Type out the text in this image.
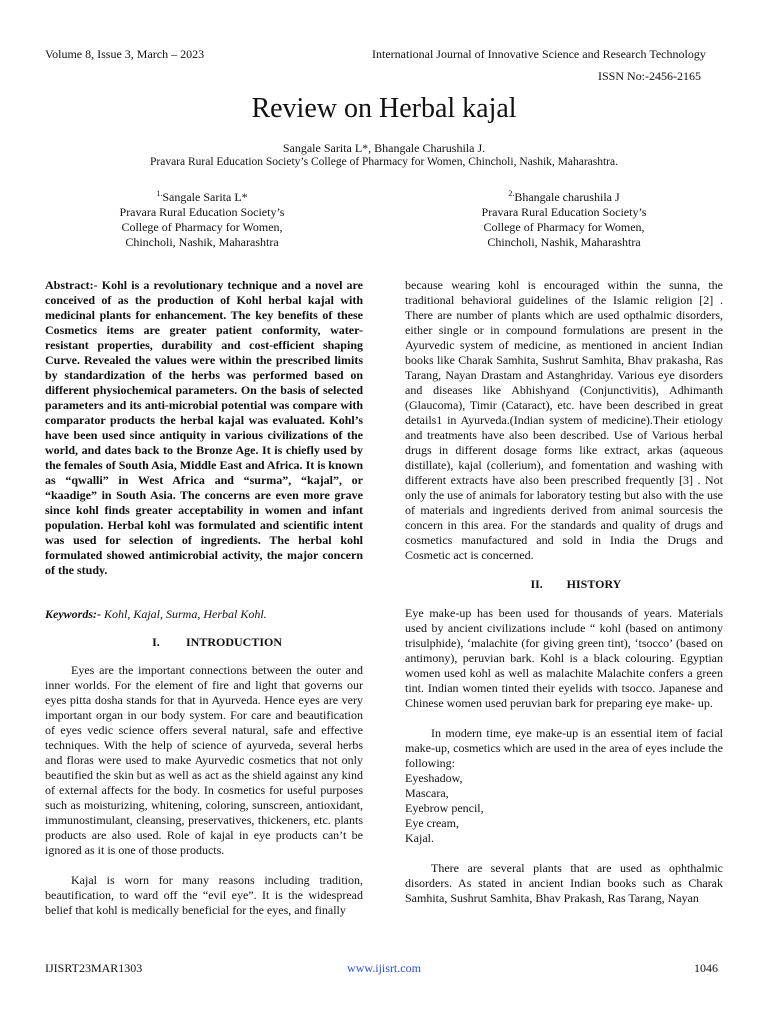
Volume 8, Issue 3, March – 2023	International Journal of Innovative Science and Research Technology
ISSN No:-2456-2165
Review on Herbal kajal
Sangale Sarita L*, Bhangale Charushila J.
Pravara Rural Education Society’s College of Pharmacy for Women, Chincholi, Nashik, Maharashtra.
$^{1.}$Sangale Sarita L*
Pravara Rural Education Society’s
College of Pharmacy for Women,
Chincholi, Nashik, Maharashtra
$^{2.}$Bhangale charushila J
Pravara Rural Education Society’s
College of Pharmacy for Women,
Chincholi, Nashik, Maharashtra

Abstract:- Kohl is a revolutionary technique and a novel are conceived of as the production of Kohl herbal kajal with medicinal plants for enhancement. The key benefits of these Cosmetics items are greater patient conformity, water-resistant properties, durability and cost-efficient shaping Curve. Revealed the values were within the prescribed limits by standardization of the herbs was performed based on different physiochemical parameters. On the basis of selected parameters and its anti-microbial potential was compare with comparator products the herbal kajal was evaluated. Kohl’s have been used since antiquity in various civilizations of the world, and dates back to the Bronze Age. It is chiefly used by the females of South Asia, Middle East and Africa. It is known as “qwalli” in West Africa and “surma”, “kajal”, or “kaadige” in South Asia. The concerns are even more grave since kohl finds greater acceptability in women and infant population. Herbal kohl was formulated and scientific intent was used for selection of ingredients. The herbal kohl formulated showed antimicrobial activity, the major concern of the study.

Keywords:- Kohl, Kajal, Surma, Herbal Kohl.

I. INTRODUCTION

Eyes are the important connections between the outer and inner worlds. For the element of fire and light that governs our eyes pitta dosha stands for that in Ayurveda. Hence eyes are very important organ in our body system. For care and beautification of eyes vedic science offers several natural, safe and effective techniques. With the help of science of ayurveda, several herbs and floras were used to make Ayurvedic cosmetics that not only beautified the skin but as well as act as the shield against any kind of external affects for the body. In cosmetics for useful purposes such as moisturizing, whitening, coloring, sunscreen, antioxidant, immunostimulant, cleansing, preservatives, thickeners, etc. plants products are also used. Role of kajal in eye products can’t be ignored as it is one of those products.

Kajal is worn for many reasons including tradition, beautification, to ward off the “evil eye”. It is the widespread belief that kohl is medically beneficial for the eyes, and finally

because wearing kohl is encouraged within the sunna, the traditional behavioral guidelines of the Islamic religion [2] . There are number of plants which are used opthalmic disorders, either single or in compound formulations are present in the Ayurvedic system of medicine, as mentioned in ancient Indian books like Charak Samhita, Sushrut Samhita, Bhav prakasha, Ras Tarang, Nayan Drastam and Astanghriday. Various eye disorders and diseases like Abhishyand (Conjunctivitis), Adhimanth (Glaucoma), Timir (Cataract), etc. have been described in great details1 in Ayurveda.(Indian system of medicine).Their etiology and treatments have also been described. Use of Various herbal drugs in different dosage forms like extract, arkas (aqueous distillate), kajal (collerium), and fomentation and washing with different extracts have also been prescribed frequently [3] . Not only the use of animals for laboratory testing but also with the use of materials and ingredients derived from animal sourcesis the concern in this area. For the standards and quality of drugs and cosmetics manufactured and sold in India the Drugs and Cosmetic act is concerned.

II. HISTORY

Eye make-up has been used for thousands of years. Materials used by ancient civilizations include “ kohl (based on antimony trisulphide), ‘malachite (for giving green tint), ‘tsocco’ (based on antimony), peruvian bark. Kohl is a black colouring. Egyptian women used kohl as well as malachite Malachite confers a green tint. Indian women tinted their eyelids with tsocco. Japanese and Chinese women used peruvian bark for preparing eye make- up.

In modern time, eye make-up is an essential item of facial make-up, cosmetics which are used in the area of eyes include the following:

Eyeshadow,
Mascara,
Eyebrow pencil,
Eye cream,
Kajal.

There are several plants that are used as ophthalmic disorders. As stated in ancient Indian books such as Charak Samhita, Sushrut Samhita, Bhav Prakash, Ras Tarang, Nayan

IJISRT23MAR1303	www.ijisrt.com	1046
